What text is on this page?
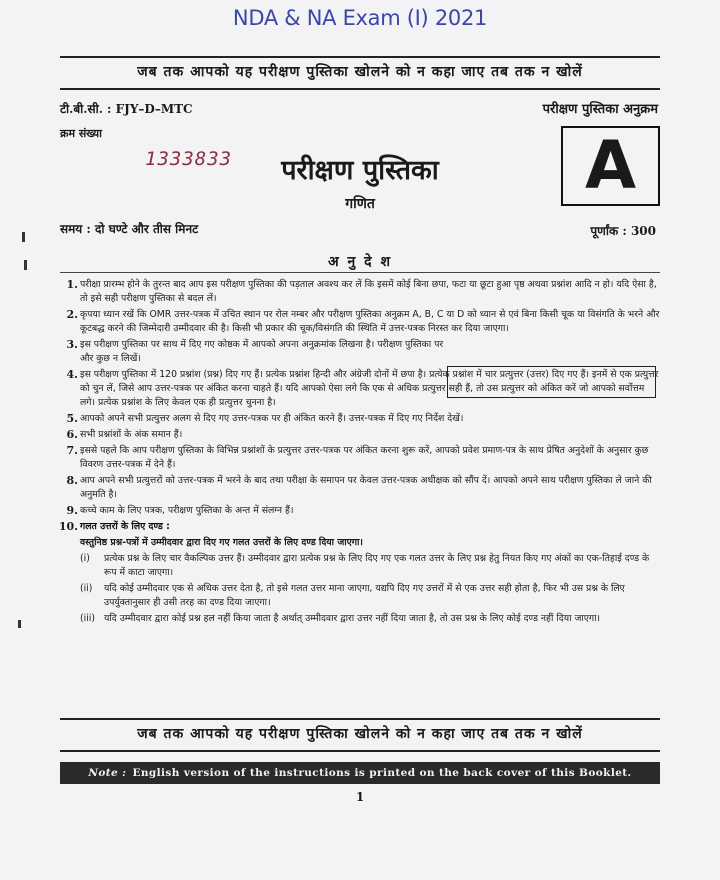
NDA & NA Exam (I) 2021
जब तक आपको यह परीक्षण पुस्तिका खोलने को न कहा जाए तब तक न खोलें
टी.बी.सी. : FJY–D–MTC	परीक्षण पुस्तिका अनुक्रम
क्रम संख्या
1333833	परीक्षण पुस्तिका
गणित	A
समय : दो घण्टे और तीस मिनट	पूर्णांक : 300
अ नु दे श
1. परीक्षा प्रारम्भ होने के तुरन्त बाद आप इस परीक्षण पुस्तिका की पड़ताल अवश्य कर लें कि इसमें कोई बिना छपा, फटा या छूटा हुआ पृष्ठ अथवा प्रश्नांश आदि न हो। यदि ऐसा है, तो इसे सही परीक्षण पुस्तिका से बदल लें।
2. कृपया ध्यान रखें कि OMR उत्तर-पत्रक में उचित स्थान पर रोल नम्बर और परीक्षण पुस्तिका अनुक्रम A, B, C या D को ध्यान से एवं बिना किसी चूक या विसंगति के भरने और कूटबद्ध करने की जिम्मेदारी उम्मीदवार की है। किसी भी प्रकार की चूक/विसंगति की स्थिति में उत्तर-पत्रक निरस्त कर दिया जाएगा।
3. इस परीक्षण पुस्तिका पर साथ में दिए गए कोष्ठक में आपको अपना अनुक्रमांक लिखना है। परीक्षण पुस्तिका पर और कुछ न लिखें।
4. इस परीक्षण पुस्तिका में 120 प्रश्नांश (प्रश्न) दिए गए हैं। प्रत्येक प्रश्नांश हिन्दी और अंग्रेजी दोनों में छपा है। प्रत्येक प्रश्नांश में चार प्रत्युत्तर (उत्तर) दिए गए हैं। इनमें से एक प्रत्युत्तर को चुन लें, जिसे आप उत्तर-पत्रक पर अंकित करना चाहते हैं। यदि आपको ऐसा लगे कि एक से अधिक प्रत्युत्तर सही हैं, तो उस प्रत्युत्तर को अंकित करें जो आपको सर्वोत्तम लगे। प्रत्येक प्रश्नांश के लिए केवल एक ही प्रत्युत्तर चुनना है।
5. आपको अपने सभी प्रत्युत्तर अलग से दिए गए उत्तर-पत्रक पर ही अंकित करने हैं। उत्तर-पत्रक में दिए गए निर्देश देखें।
6. सभी प्रश्नांशों के अंक समान हैं।
7. इससे पहले कि आप परीक्षण पुस्तिका के विभिन्न प्रश्नांशों के प्रत्युत्तर उत्तर-पत्रक पर अंकित करना शुरू करें, आपको प्रवेश प्रमाण-पत्र के साथ प्रेषित अनुदेशों के अनुसार कुछ विवरण उत्तर-पत्रक में देने हैं।
8. आप अपने सभी प्रत्युत्तरों को उत्तर-पत्रक में भरने के बाद तथा परीक्षा के समापन पर केवल उत्तर-पत्रक अधीक्षक को सौंप दें। आपको अपने साथ परीक्षण पुस्तिका ले जाने की अनुमति है।
9. कच्चे काम के लिए पत्रक, परीक्षण पुस्तिका के अन्त में संलग्न हैं।
10. गलत उत्तरों के लिए दण्ड :
वस्तुनिष्ठ प्रश्न-पत्रों में उम्मीदवार द्वारा दिए गए गलत उत्तरों के लिए दण्ड दिया जाएगा।
(i) प्रत्येक प्रश्न के लिए चार वैकल्पिक उत्तर हैं। उम्मीदवार द्वारा प्रत्येक प्रश्न के लिए दिए गए एक गलत उत्तर के लिए प्रश्न हेतु नियत किए गए अंकों का एक-तिहाई दण्ड के रूप में काटा जाएगा।
(ii) यदि कोई उम्मीदवार एक से अधिक उत्तर देता है, तो इसे गलत उत्तर माना जाएगा, यद्यपि दिए गए उत्तरों में से एक उत्तर सही होता है, फिर भी उस प्रश्न के लिए उपर्युक्तानुसार ही उसी तरह का दण्ड दिया जाएगा।
(iii) यदि उम्मीदवार द्वारा कोई प्रश्न हल नहीं किया जाता है अर्थात् उम्मीदवार द्वारा उत्तर नहीं दिया जाता है, तो उस प्रश्न के लिए कोई दण्ड नहीं दिया जाएगा।
जब तक आपको यह परीक्षण पुस्तिका खोलने को न कहा जाए तब तक न खोलें
Note : English version of the instructions is printed on the back cover of this Booklet.
1
